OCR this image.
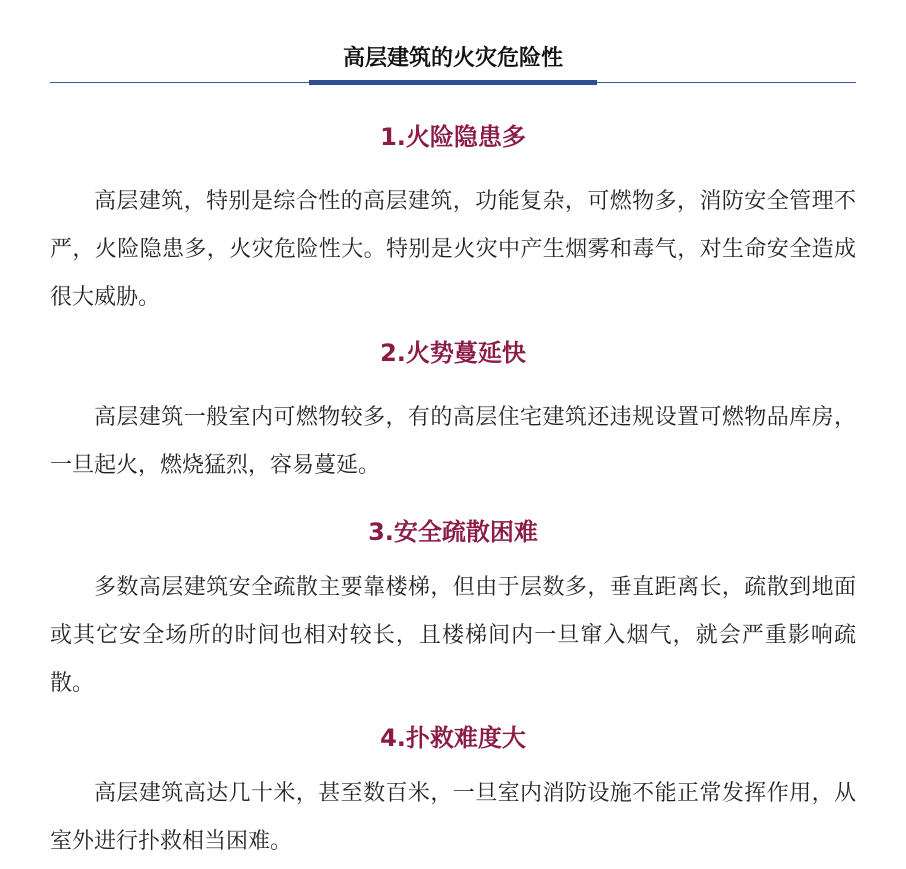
高层建筑的火灾危险性
1.火险隐患多

高层建筑，特别是综合性的高层建筑，功能复杂，可燃物多，消防安全管理不严，火险隐患多，火灾危险性大。特别是火灾中产生烟雾和毒气，对生命安全造成很大威胁。

2.火势蔓延快

高层建筑一般室内可燃物较多，有的高层住宅建筑还违规设置可燃物品库房，一旦起火，燃烧猛烈，容易蔓延。

3.安全疏散困难

多数高层建筑安全疏散主要靠楼梯，但由于层数多，垂直距离长，疏散到地面或其它安全场所的时间也相对较长，且楼梯间内一旦窜入烟气，就会严重影响疏散。

4.扑救难度大

高层建筑高达几十米，甚至数百米，一旦室内消防设施不能正常发挥作用，从室外进行扑救相当困难。
